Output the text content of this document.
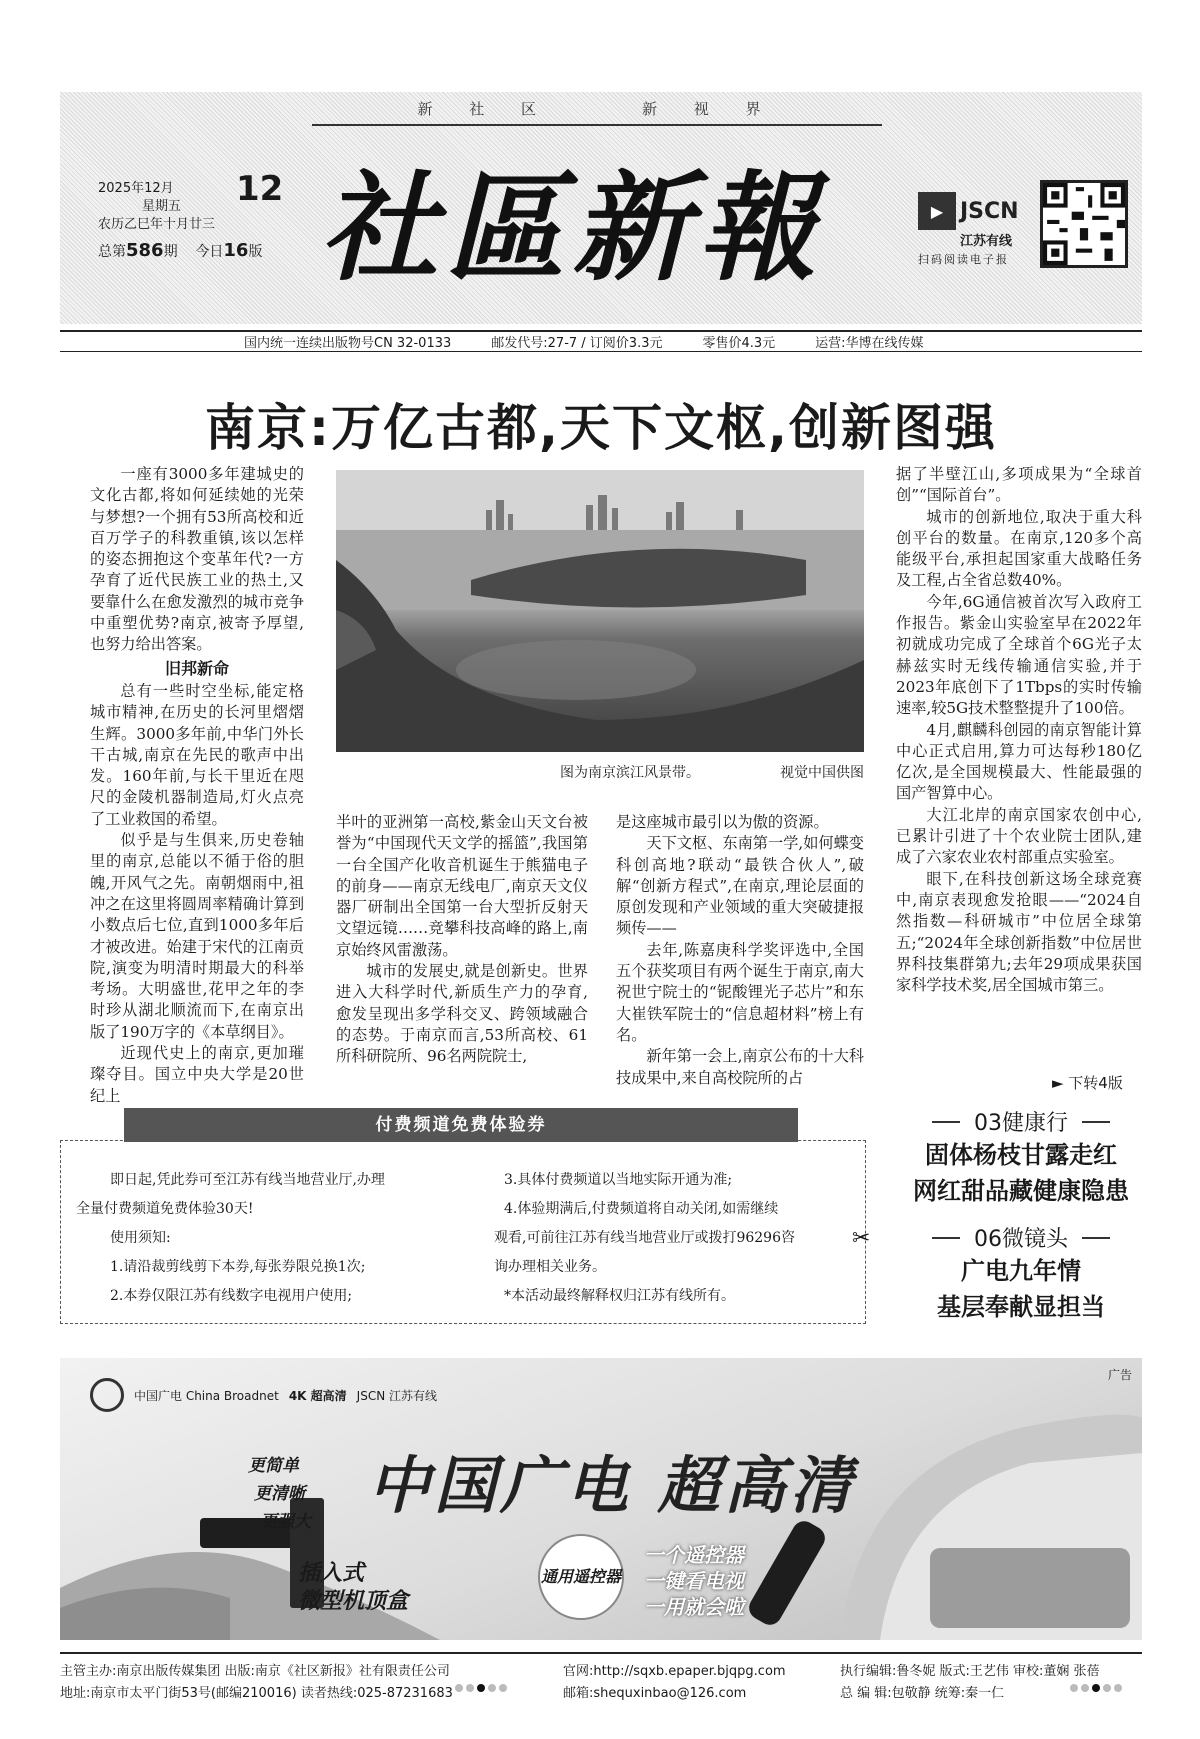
新 社 区	新 视 界
2025年12月
星期五
农历乙巳年十月廿三
12
总第586期 今日16版 社區新報	▶ JSCN
江苏有线
扫码阅读电子报
国内统一连续出版物号CN 32-0133	邮发代号:27-7 / 订阅价3.3元	零售价4.3元	运营:华博在线传媒
南京:万亿古都,天下文枢,创新图强

一座有3000多年建城史的文化古都,将如何延续她的光荣与梦想?一个拥有53所高校和近百万学子的科教重镇,该以怎样的姿态拥抱这个变革年代?一方孕育了近代民族工业的热土,又要靠什么在愈发激烈的城市竞争中重塑优势?南京,被寄予厚望,也努力给出答案。

旧邦新命

总有一些时空坐标,能定格城市精神,在历史的长河里熠熠生辉。3000多年前,中华门外长干古城,南京在先民的歌声中出发。160年前,与长干里近在咫尺的金陵机器制造局,灯火点亮了工业救国的希望。

似乎是与生俱来,历史卷轴里的南京,总能以不循于俗的胆魄,开风气之先。南朝烟雨中,祖冲之在这里将圆周率精确计算到小数点后七位,直到1000多年后才被改进。始建于宋代的江南贡院,演变为明清时期最大的科举考场。大明盛世,花甲之年的李时珍从湖北顺流而下,在南京出版了190万字的《本草纲目》。

近现代史上的南京,更加璀璨夺目。国立中央大学是20世纪上

图为南京滨江风景带。	视觉中国供图

半叶的亚洲第一高校,紫金山天文台被誉为“中国现代天文学的摇篮”,我国第一台全国产化收音机诞生于熊猫电子的前身——南京无线电厂,南京天文仪器厂研制出全国第一台大型折反射天文望远镜……竞攀科技高峰的路上,南京始终风雷激荡。

城市的发展史,就是创新史。世界进入大科学时代,新质生产力的孕育,愈发呈现出多学科交叉、跨领域融合的态势。于南京而言,53所高校、61所科研院所、96名两院院士,

是这座城市最引以为傲的资源。

天下文枢、东南第一学,如何蝶变科创高地?联动“最铁合伙人”,破解“创新方程式”,在南京,理论层面的原创发现和产业领域的重大突破捷报频传——

去年,陈嘉庚科学奖评选中,全国五个获奖项目有两个诞生于南京,南大祝世宁院士的“铌酸锂光子芯片”和东大崔铁军院士的“信息超材料”榜上有名。

新年第一会上,南京公布的十大科技成果中,来自高校院所的占

据了半壁江山,多项成果为“全球首创”“国际首台”。

城市的创新地位,取决于重大科创平台的数量。在南京,120多个高能级平台,承担起国家重大战略任务及工程,占全省总数40%。

今年,6G通信被首次写入政府工作报告。紫金山实验室早在2022年初就成功完成了全球首个6G光子太赫兹实时无线传输通信实验,并于2023年底创下了1Tbps的实时传输速率,较5G技术整整提升了100倍。

4月,麒麟科创园的南京智能计算中心正式启用,算力可达每秒180亿亿次,是全国规模最大、性能最强的国产智算中心。

大江北岸的南京国家农创中心,已累计引进了十个农业院士团队,建成了六家农业农村部重点实验室。

眼下,在科技创新这场全球竞赛中,南京表现愈发抢眼——“2024自然指数—科研城市”中位居全球第五;“2024年全球创新指数”中位居世界科技集群第九;去年29项成果获国家科学技术奖,居全国城市第三。

► 下转4版
付费频道免费体验券
即日起,凭此券可至江苏有线当地营业厅,办理
全量付费频道免费体验30天!
使用须知:
1.请沿裁剪线剪下本券,每张券限兑换1次;
2.本券仅限江苏有线数字电视用户使用;
3.具体付费频道以当地实际开通为准;
4.体验期满后,付费频道将自动关闭,如需继续
观看,可前往江苏有线当地营业厅或拨打96296咨
询办理相关业务。
*本活动最终解释权归江苏有线所有。
✂
03健康行
固体杨枝甘露走红
网红甜品藏健康隐患
06微镜头
广电九年情
基层奉献显担当
广告
中国广电 China Broadnet 4K 超高清 JSCN 江苏有线
中国广电 超高清
更简单
更清晰
更强大
插入式
微型机顶盒
通用遥控器
一个遥控器
一键看电视
一用就会啦
主管主办:南京出版传媒集团 出版:南京《社区新报》社有限责任公司
地址:南京市太平门街53号(邮编210016) 读者热线:025-87231683
官网:http://sqxb.epaper.bjqpg.com
邮箱:shequxinbao@126.com
执行编辑:鲁冬妮 版式:王艺伟 审校:董娴 张蓓
总 编 辑:包敬静 统筹:秦一仁
